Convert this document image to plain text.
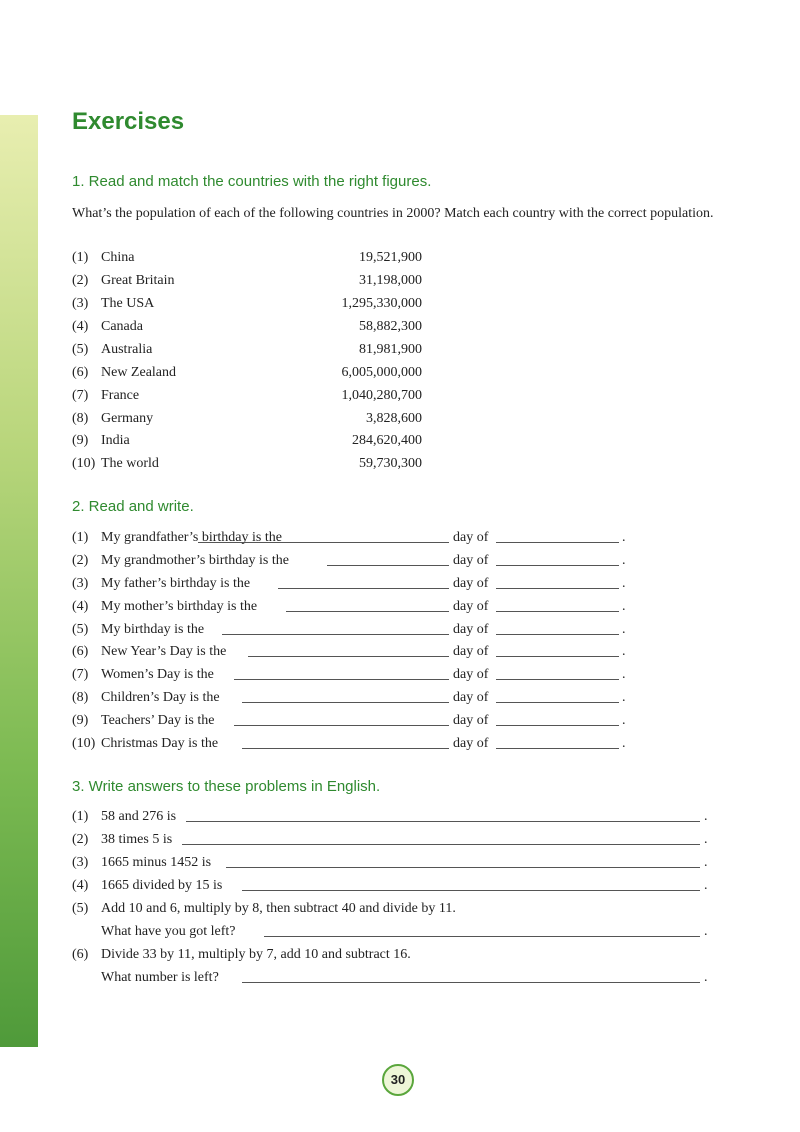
Exercises
1. Read and match the countries with the right figures.
What’s the population of each of the following countries in 2000? Match each country with the correct population.
(1) China	19,521,900
(2) Great Britain	31,198,000
(3) The USA	1,295,330,000
(4) Canada	58,882,300
(5) Australia	81,981,900
(6) New Zealand	6,005,000,000
(7) France	1,040,280,700
(8) Germany	3,828,600
(9) India	284,620,400
(10) The world	59,730,300
2. Read and write.
(1) My grandfather’s birthday is the	day of	.
(2) My grandmother’s birthday is the	day of	.
(3) My father’s birthday is the	day of	.
(4) My mother’s birthday is the	day of	.
(5) My birthday is the	day of	.
(6) New Year’s Day is the	day of	.
(7) Women’s Day is the	day of	.
(8) Children’s Day is the	day of	.
(9) Teachers’ Day is the	day of	.
(10) Christmas Day is the	day of	.
3. Write answers to these problems in English.
(1) 58 and 276 is	.
(2) 38 times 5 is	.
(3) 1665 minus 1452 is	.
(4) 1665 divided by 15 is	.
(5) Add 10 and 6, multiply by 8, then subtract 40 and divide by 11.
What have you got left?	.
(6) Divide 33 by 11, multiply by 7, add 10 and subtract 16.
What number is left?	.
30
